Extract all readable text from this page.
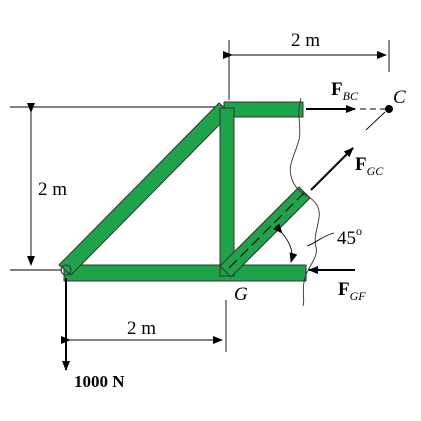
2 m
2 m
2 m
$F_{BC}$
$F_{GC}$
$F_{GF}$
C
G
45$^o$
1000 N
